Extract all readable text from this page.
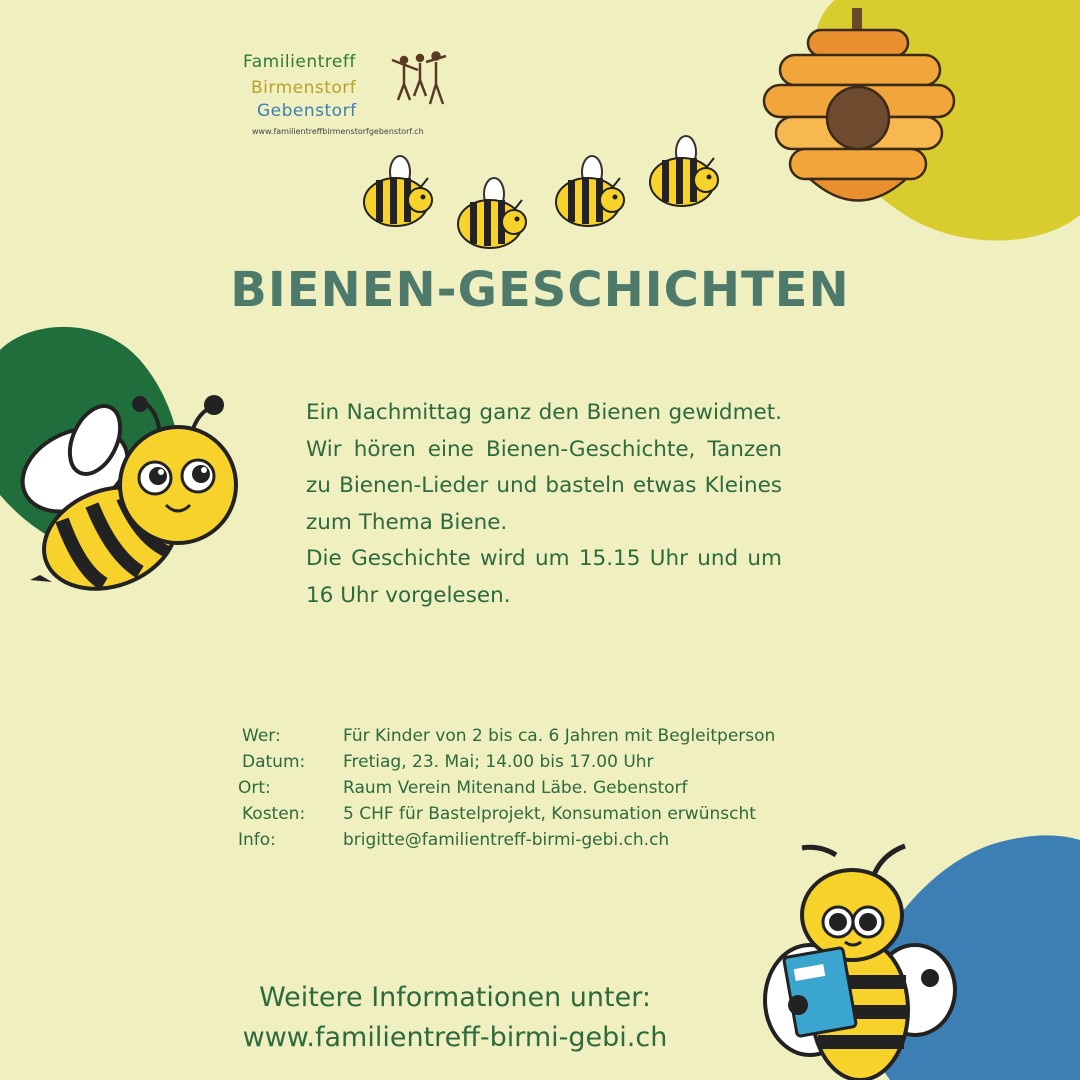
Familientreff
Birmenstorf
Gebenstorf
www.familientreffbirmenstorfgebenstorf.ch
BIENEN-GESCHICHTEN

Ein Nachmittag ganz den Bienen gewidmet. Wir hören eine Bienen-Geschichte, Tanzen zu Bienen-Lieder und basteln etwas Kleines zum Thema Biene.

Die Geschichte wird um 15.15 Uhr und um 16 Uhr vorgelesen.

Wer:	Für Kinder von 2 bis ca. 6 Jahren mit Begleitperson
Datum: Fretiag, 23. Mai; 14.00 bis 17.00 Uhr
Ort:	Raum Verein Mitenand Läbe. Gebenstorf
Kosten: 5 CHF für Bastelprojekt, Konsumation erwünscht
Info:	brigitte@familientreff-birmi-gebi.ch.ch
Weitere Informationen unter:
www.familientreff-birmi-gebi.ch
